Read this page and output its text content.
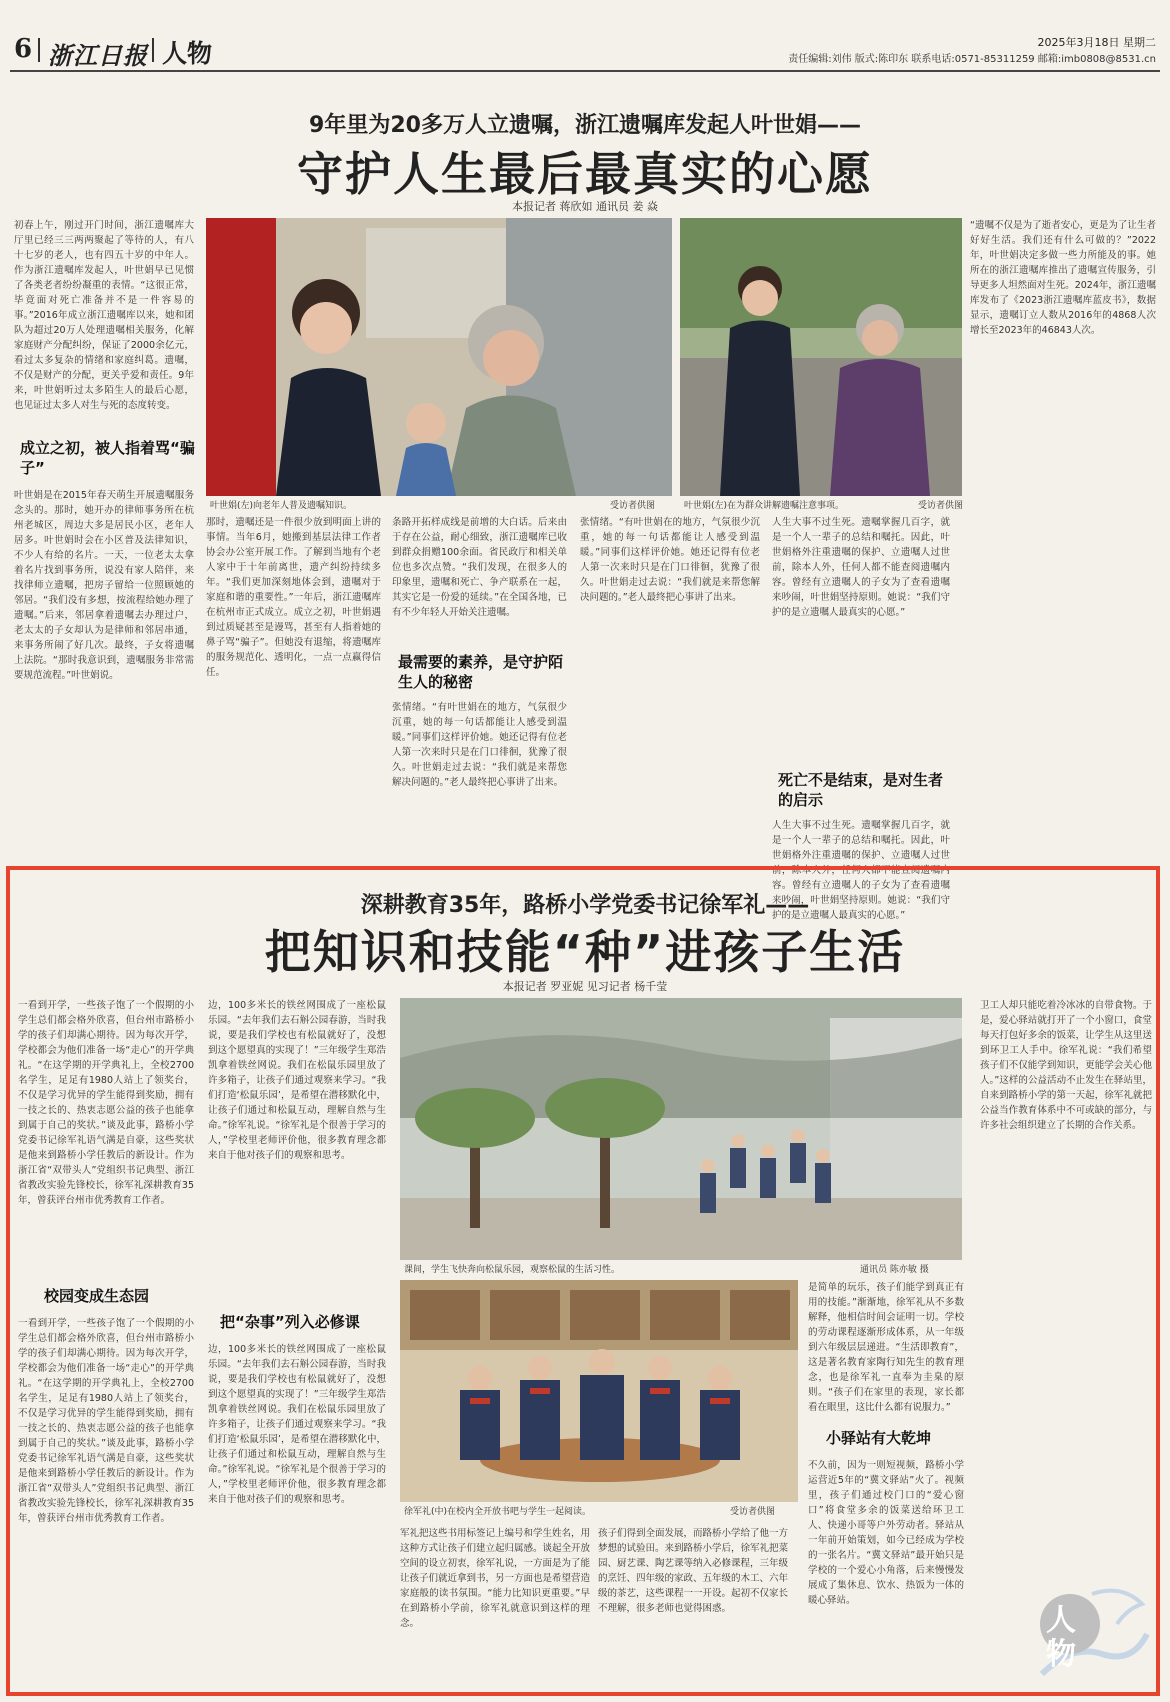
6 浙江日报 人物	2025年3月18日 星期二
责任编辑:刘伟 版式:陈印东 联系电话:0571-85311259 邮箱:imb0808@8531.cn
9年里为20多万人立遗嘱，浙江遗嘱库发起人叶世娟——
守护人生最后最真实的心愿
本报记者 蒋欣如 通讯员 姜 焱
叶世娟(左)向老年人普及遗嘱知识。	受访者供图	叶世娟(左)在为群众讲解遗嘱注意事项。	受访者供图
初春上午，刚过开门时间，浙江遗嘱库大厅里已经三三两两聚起了等待的人，有八十七岁的老人，也有四五十岁的中年人。作为浙江遗嘱库发起人，叶世娟早已见惯了各类老者纷纷凝重的表情。“这很正常，毕竟面对死亡准备并不是一件容易的事。”2016年成立浙江遗嘱库以来，她和团队为超过20万人处理遗嘱相关服务，化解家庭财产分配纠纷，保证了2000余亿元，看过太多复杂的情绪和家庭纠葛。遗嘱，不仅是财产的分配，更关乎爱和责任。9年来，叶世娟听过太多陌生人的最后心愿，也见证过太多人对生与死的态度转变。
成立之初，被人指着骂“骗子”
叶世娟是在2015年春天萌生开展遗嘱服务念头的。那时，她开办的律师事务所在杭州老城区，周边大多是居民小区，老年人居多。叶世娟时会在小区普及法律知识，不少人有给的名片。一天，一位老太太拿着名片找到事务所，说没有家人陪伴，来找律师立遗嘱，把房子留给一位照顾她的邻居。“我们没有多想，按流程给她办理了遗嘱。”后来，邻居拿着遗嘱去办理过户，老太太的子女却认为是律师和邻居串通，来事务所闹了好几次。最终，子女将遗嘱上法院。“那时我意识到，遗嘱服务非常需要规范流程。”叶世娟说。
那时，遗嘱还是一件很少放到明面上讲的事情。当年6月，她搬到基层法律工作者协会办公室开展工作。了解到当地有个老人家中于十年前离世，遗产纠纷持续多年。“我们更加深刻地体会到，遗嘱对于家庭和谐的重要性。”一年后，浙江遗嘱库在杭州市正式成立。成立之初，叶世娟遇到过质疑甚至是谩骂，甚至有人指着她的鼻子骂“骗子”。但她没有退缩，将遗嘱库的服务规范化、透明化，一点一点赢得信任。
条路开拓样成线是前增的大白话。后来由于存在公益，耐心细致，浙江遗嘱库已收到群众捐赠100余面。省民政厅和相关单位也多次点赞。“我们发现，在很多人的印象里，遗嘱和死亡、争产联系在一起，其实它是一份爱的延续。”在全国各地，已有不少年轻人开始关注遗嘱。
最需要的素养，是守护陌生人的秘密
张情绪。“有叶世娟在的地方，气氛很少沉重，她的每一句话都能让人感受到温暖。”同事们这样评价她。她还记得有位老人第一次来时只是在门口徘徊，犹豫了很久。叶世娟走过去说：“我们就是来帮您解决问题的。”老人最终把心事讲了出来。
张情绪。“有叶世娟在的地方，气氛很少沉重，她的每一句话都能让人感受到温暖。”同事们这样评价她。她还记得有位老人第一次来时只是在门口徘徊，犹豫了很久。叶世娟走过去说：“我们就是来帮您解决问题的。”老人最终把心事讲了出来。
人生大事不过生死。遗嘱掌握几百字，就是一个人一辈子的总结和嘱托。因此，叶世娟格外注重遗嘱的保护、立遗嘱人过世前，除本人外，任何人都不能查阅遗嘱内容。曾经有立遗嘱人的子女为了查看遗嘱来吵闹，叶世娟坚持原则。她说：“我们守护的是立遗嘱人最真实的心愿。”
死亡不是结束，是对生者的启示
人生大事不过生死。遗嘱掌握几百字，就是一个人一辈子的总结和嘱托。因此，叶世娟格外注重遗嘱的保护、立遗嘱人过世前，除本人外，任何人都不能查阅遗嘱内容。曾经有立遗嘱人的子女为了查看遗嘱来吵闹，叶世娟坚持原则。她说：“我们守护的是立遗嘱人最真实的心愿。”
“遗嘱不仅是为了逝者安心，更是为了让生者好好生活。我们还有什么可做的？”2022年，叶世娟决定多做一些力所能及的事。她所在的浙江遗嘱库推出了遗嘱宣传服务，引导更多人坦然面对生死。2024年，浙江遗嘱库发布了《2023浙江遗嘱库蓝皮书》，数据显示，遗嘱订立人数从2016年的4868人次增长至2023年的46843人次。
深耕教育35年，路桥小学党委书记徐军礼——
把知识和技能“种”进孩子生活
本报记者 罗亚妮 见习记者 杨千莹
课间，学生飞快奔向松鼠乐园，观察松鼠的生活习性。	通讯员 陈亦敏 摄
徐军礼(中)在校内全开放书吧与学生一起阅读。	受访者供图
一看到开学，一些孩子饱了一个假期的小学生总们都会格外欣喜，但台州市路桥小学的孩子们却满心期待。因为每次开学，学校都会为他们准备一场“走心”的开学典礼。“在这学期的开学典礼上，全校2700名学生，足足有1980人站上了领奖台，不仅是学习优异的学生能得到奖励，拥有一技之长的、热衷志愿公益的孩子也能拿到属于自己的奖状。”谈及此事，路桥小学党委书记徐军礼语气满是自豪，这些奖状是他来到路桥小学任教后的新设计。作为浙江省“双带头人”党组织书记典型、浙江省教改实验先锋校长，徐军礼深耕教育35年，曾获评台州市优秀教育工作者。
校园变成生态园
一看到开学，一些孩子饱了一个假期的小学生总们都会格外欣喜，但台州市路桥小学的孩子们却满心期待。因为每次开学，学校都会为他们准备一场“走心”的开学典礼。“在这学期的开学典礼上，全校2700名学生，足足有1980人站上了领奖台，不仅是学习优异的学生能得到奖励，拥有一技之长的、热衷志愿公益的孩子也能拿到属于自己的奖状。”谈及此事，路桥小学党委书记徐军礼语气满是自豪，这些奖状是他来到路桥小学任教后的新设计。作为浙江省“双带头人”党组织书记典型、浙江省教改实验先锋校长，徐军礼深耕教育35年，曾获评台州市优秀教育工作者。
边，100多米长的铁丝网围成了一座松鼠乐园。“去年我们去石斛公园春游，当时我说，要是我们学校也有松鼠就好了，没想到这个愿望真的实现了！”三年级学生郑浩凯拿着铁丝网说。我们在松鼠乐园里放了许多箱子，让孩子们通过观察来学习。“我们打造‘松鼠乐园’，是希望在潜移默化中，让孩子们通过和松鼠互动，理解自然与生命。”徐军礼说。“徐军礼是个很善于学习的人，”学校里老师评价他，很多教育理念都来自于他对孩子们的观察和思考。
把“杂事”列入必修课
边，100多米长的铁丝网围成了一座松鼠乐园。“去年我们去石斛公园春游，当时我说，要是我们学校也有松鼠就好了，没想到这个愿望真的实现了！”三年级学生郑浩凯拿着铁丝网说。我们在松鼠乐园里放了许多箱子，让孩子们通过观察来学习。“我们打造‘松鼠乐园’，是希望在潜移默化中，让孩子们通过和松鼠互动，理解自然与生命。”徐军礼说。“徐军礼是个很善于学习的人，”学校里老师评价他，很多教育理念都来自于他对孩子们的观察和思考。
军礼把这些书用标签记上编号和学生姓名，用这种方式让孩子们建立起归属感。谈起全开放空间的设立初衷，徐军礼说，一方面是为了能让孩子们就近拿到书，另一方面也是希望营造家庭般的读书氛围。“能力比知识更重要。”早在到路桥小学前，徐军礼就意识到这样的理念。
孩子们得到全面发展，而路桥小学给了他一方梦想的试验田。来到路桥小学后，徐军礼把菜园、厨艺课、陶艺课等纳入必修课程，三年级的烹饪、四年级的家政、五年级的木工、六年级的茶艺，这些课程一一开设。起初不仅家长不理解，很多老师也觉得困惑。
是简单的玩乐，孩子们能学到真正有用的技能。”渐渐地，徐军礼从不多数解释，他相信时间会证明一切。学校的劳动课程逐渐形成体系，从一年级到六年级层层递进。“生活即教育”，这是著名教育家陶行知先生的教育理念，也是徐军礼一直奉为圭臬的原则。“孩子们在家里的表现，家长都看在眼里，这比什么都有说服力。”
小驿站有大乾坤
不久前，因为一则短视频，路桥小学运营近5年的“冀文驿站”火了。视频里，孩子们通过校门口的“爱心窗口”将食堂多余的饭菜送给环卫工人、快递小哥等户外劳动者。驿站从一年前开始策划，如今已经成为学校的一张名片。“冀文驿站”最开始只是学校的一个爱心小角落，后来慢慢发展成了集休息、饮水、热饭为一体的暖心驿站。
卫工人却只能吃着冷冰冰的自带食物。于是，爱心驿站就打开了一个小窗口，食堂每天打包好多余的饭菜，让学生从这里送到环卫工人手中。徐军礼说：“我们希望孩子们不仅能学到知识，更能学会关心他人。”这样的公益活动不止发生在驿站里，自来到路桥小学的第一天起，徐军礼就把公益当作教育体系中不可或缺的部分，与许多社会组织建立了长期的合作关系。
人物
